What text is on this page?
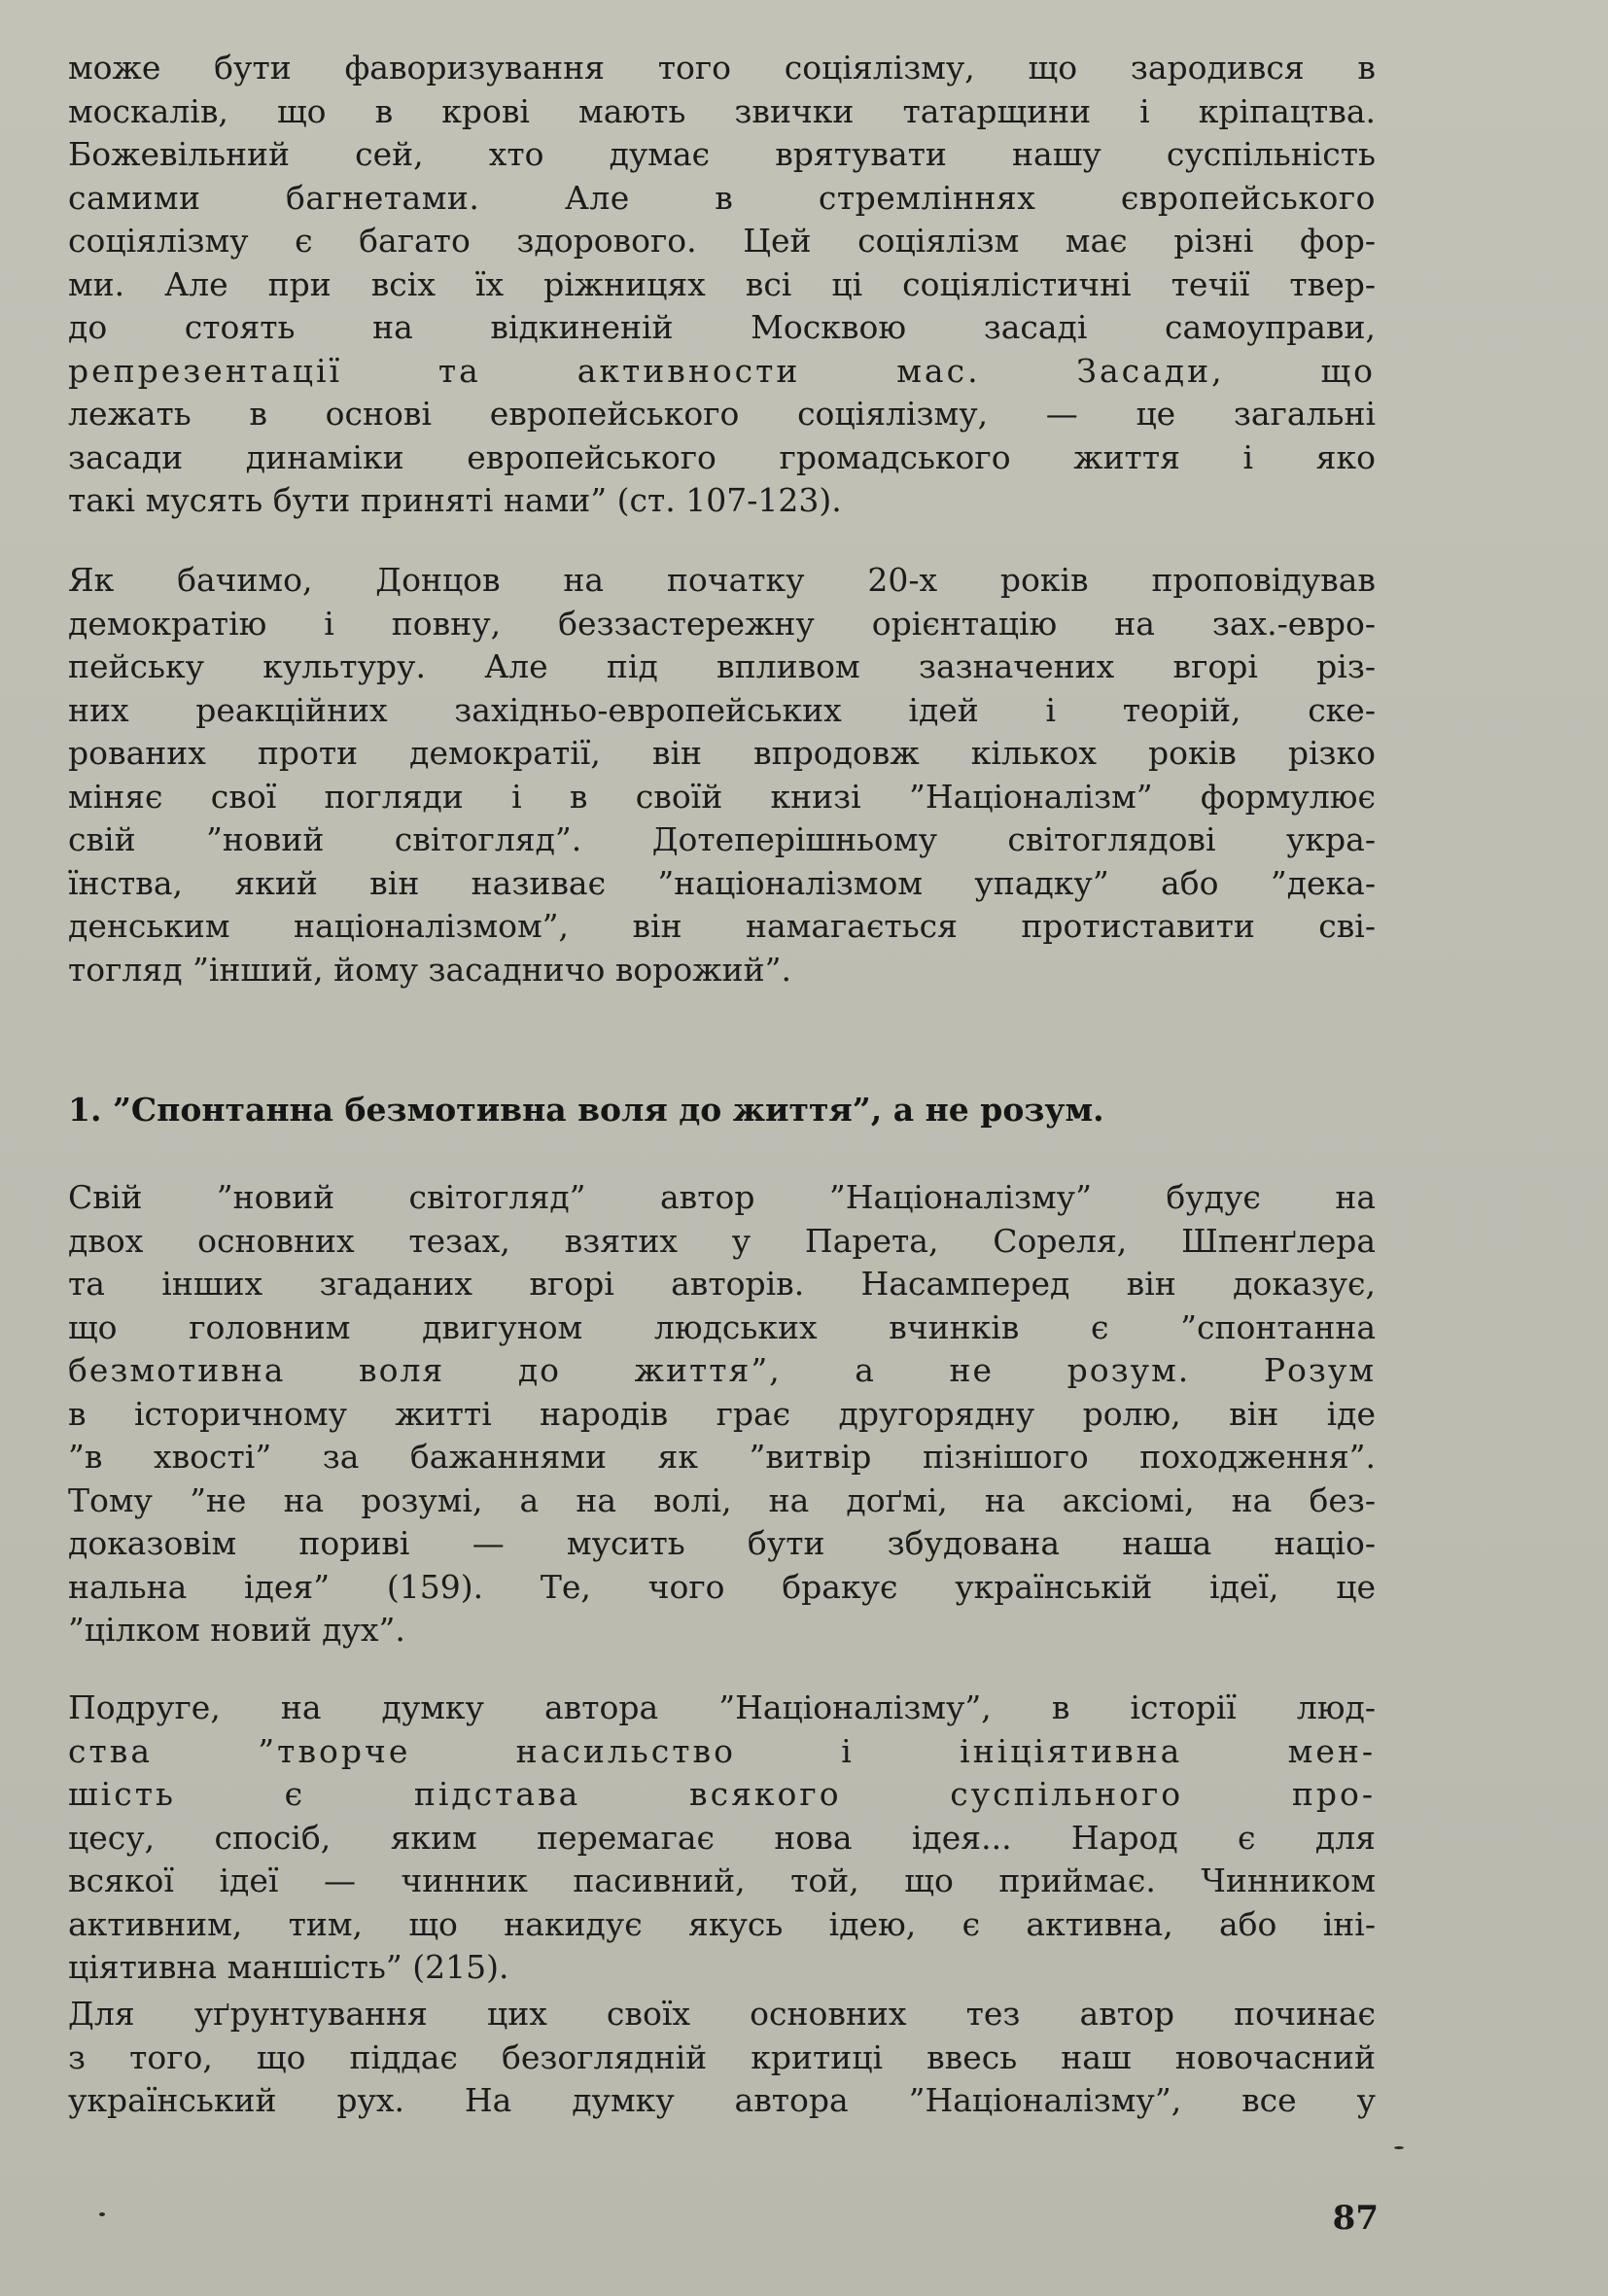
може бути фаворизування того соціялізму, що зародився в
москалів, що в крові мають звички татарщини і кріпацтва.
Божевільний сей, хто думає врятувати нашу суспільність
самими багнетами. Але в стремліннях європейського
соціялізму є багато здорового. Цей соціялізм має різні фор-
ми. Але при всіх їх ріжницях всі ці соціялістичні течії твер-
до стоять на відкиненій Москвою засаді самоуправи,
репрезентації та активности мас. Засади, що
лежать в основі европейського соціялізму, — це загальні
засади динаміки европейського громадського життя і яко
такі мусять бути приняті нами” (ст. 107-123).
Як бачимо, Донцов на початку 20-х років проповідував
демократію і повну, беззастережну орієнтацію на зах.-евро-
пейську культуру. Але під впливом зазначених вгорі різ-
них реакційних західньо-европейських ідей і теорій, ске-
рованих проти демократії, він впродовж кількох років різко
міняє свої погляди і в своїй книзі ”Націоналізм” формулює
свій ”новий світогляд”. Дотеперішньому світоглядові укра-
їнства, який він називає ”націоналізмом упадку” або ”дека-
денським націоналізмом”, він намагається протиставити сві-
тогляд ”інший, йому засадничо ворожий”.
1. ”Спонтанна безмотивна воля до життя”, а не розум.
Свій ”новий світогляд” автор ”Націоналізму” будує на
двох основних тезах, взятих у Парета, Сореля, Шпенґлера
та інших згаданих вгорі авторів. Насамперед він доказує,
що головним двигуном людських вчинків є ”спонтанна
безмотивна воля до життя”, а не розум. Розум
в історичному житті народів грає другорядну ролю, він іде
”в хвості” за бажаннями як ”витвір пізнішого походження”.
Тому ”не на розумі, а на волі, на доґмі, на аксіомі, на без-
доказовім пориві — мусить бути збудована наша націо-
нальна ідея” (159). Те, чого бракує українській ідеї, це
”цілком новий дух”.
Подруге, на думку автора ”Націоналізму”, в історії люд-
ства ”творче насильство і ініціятивна мен-
шість є підстава всякого суспільного про-
цесу, спосіб, яким перемагає нова ідея... Народ є для
всякої ідеї — чинник пасивний, той, що приймає. Чинником
активним, тим, що накидує якусь ідею, є активна, або іні-
ціятивна маншість” (215).
Для уґрунтування цих своїх основних тез автор починає
з того, що піддає безоглядній критиці ввесь наш новочасний
український рух. На думку автора ”Націоналізму”, все у
87
